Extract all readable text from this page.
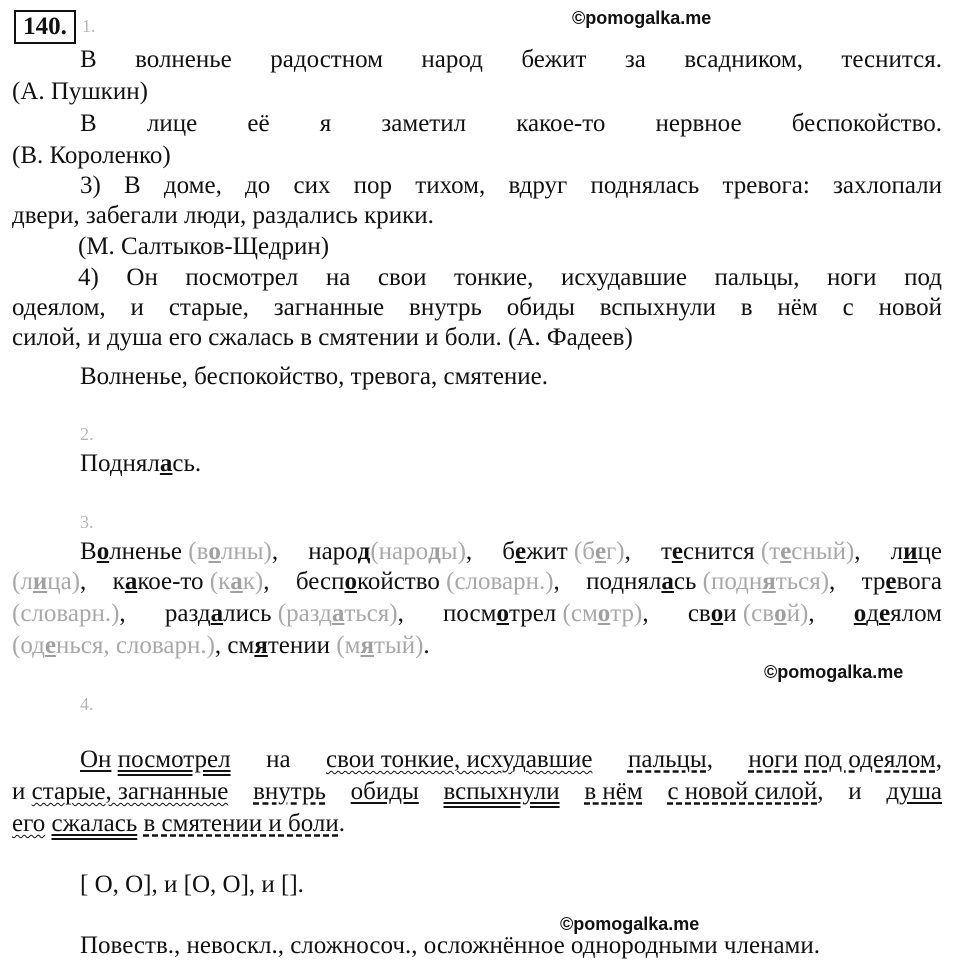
140. 1.	©pomogalka.me
В волненье радостном народ бежит за всадником, теснится.
(А. Пушкин)
В лице её я заметил какое-то нервное беспокойство.
(В. Короленко)
3) В доме, до сих пор тихом, вдруг поднялась тревога: захлопали
двери, забегали люди, раздались крики.
(М. Салтыков-Щедрин)
4) Он посмотрел на свои тонкие, исхудавшие пальцы, ноги под
одеялом, и старые, загнанные внутрь обиды вспыхнули в нём с новой
силой, и душа его сжалась в смятении и боли. (А. Фадеев)
Волненье, беспокойство, тревога, смятение.
2.
Поднялась.
3.
Волненье (волны), народ(народы), бежит (бег), теснится (тесный), лице
(лица), какое-то (как), беспокойство (словарн.), поднялась (подняться), тревога
(словарн.), раздались (раздаться), посмотрел (смотр), свои (свой), одеялом
(оденься, словарн.), смятении (мятый).
©pomogalka.me
4.
Он посмотрел на свои тонкие, исхудавшие пальцы, ноги под одеялом,
и старые, загнанные внутрь обиды вспыхнули в нём с новой силой, и душа
его сжалась в смятении и боли.
[ О, О], и [О, О], и [].
©pomogalka.me
Повеств., невоскл., сложносоч., осложнённое однородными членами.
